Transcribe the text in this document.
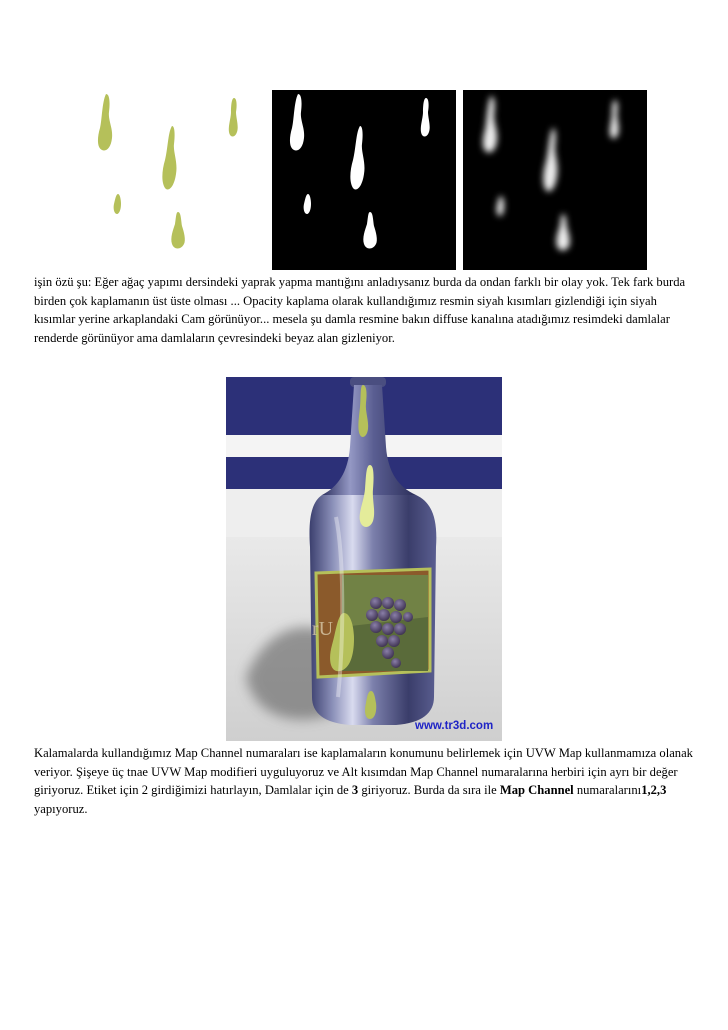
işin özü şu: Eğer ağaç yapımı dersindeki yaprak yapma mantığını anladıysanız burda da ondan farklı bir olay yok. Tek fark burda birden çok kaplamanın üst üste olması ... Opacity kaplama olarak kullandığımız resmin siyah kısımları gizlendiği için siyah kısımlar yerine arkaplandaki Cam görünüyor... mesela şu damla resmine bakın diffuse kanalına atadığımız resimdeki damlalar renderde görünüyor ama damlaların çevresindeki beyaz alan gizleniyor.

rU
www.tr3d.com

Kalamalarda kullandığımız Map Channel numaraları ise kaplamaların konumunu belirlemek için UVW Map kullanmamıza olanak veriyor. Şişeye üç tnae UVW Map modifieri uyguluyoruz ve Alt kısımdan Map Channel numaralarına herbiri için ayrı bir değer giriyoruz. Etiket için 2 girdiğimizi hatırlayın, Damlalar için de 3 giriyoruz. Burda da sıra ile Map Channel numaralarını1,2,3 yapıyoruz.
